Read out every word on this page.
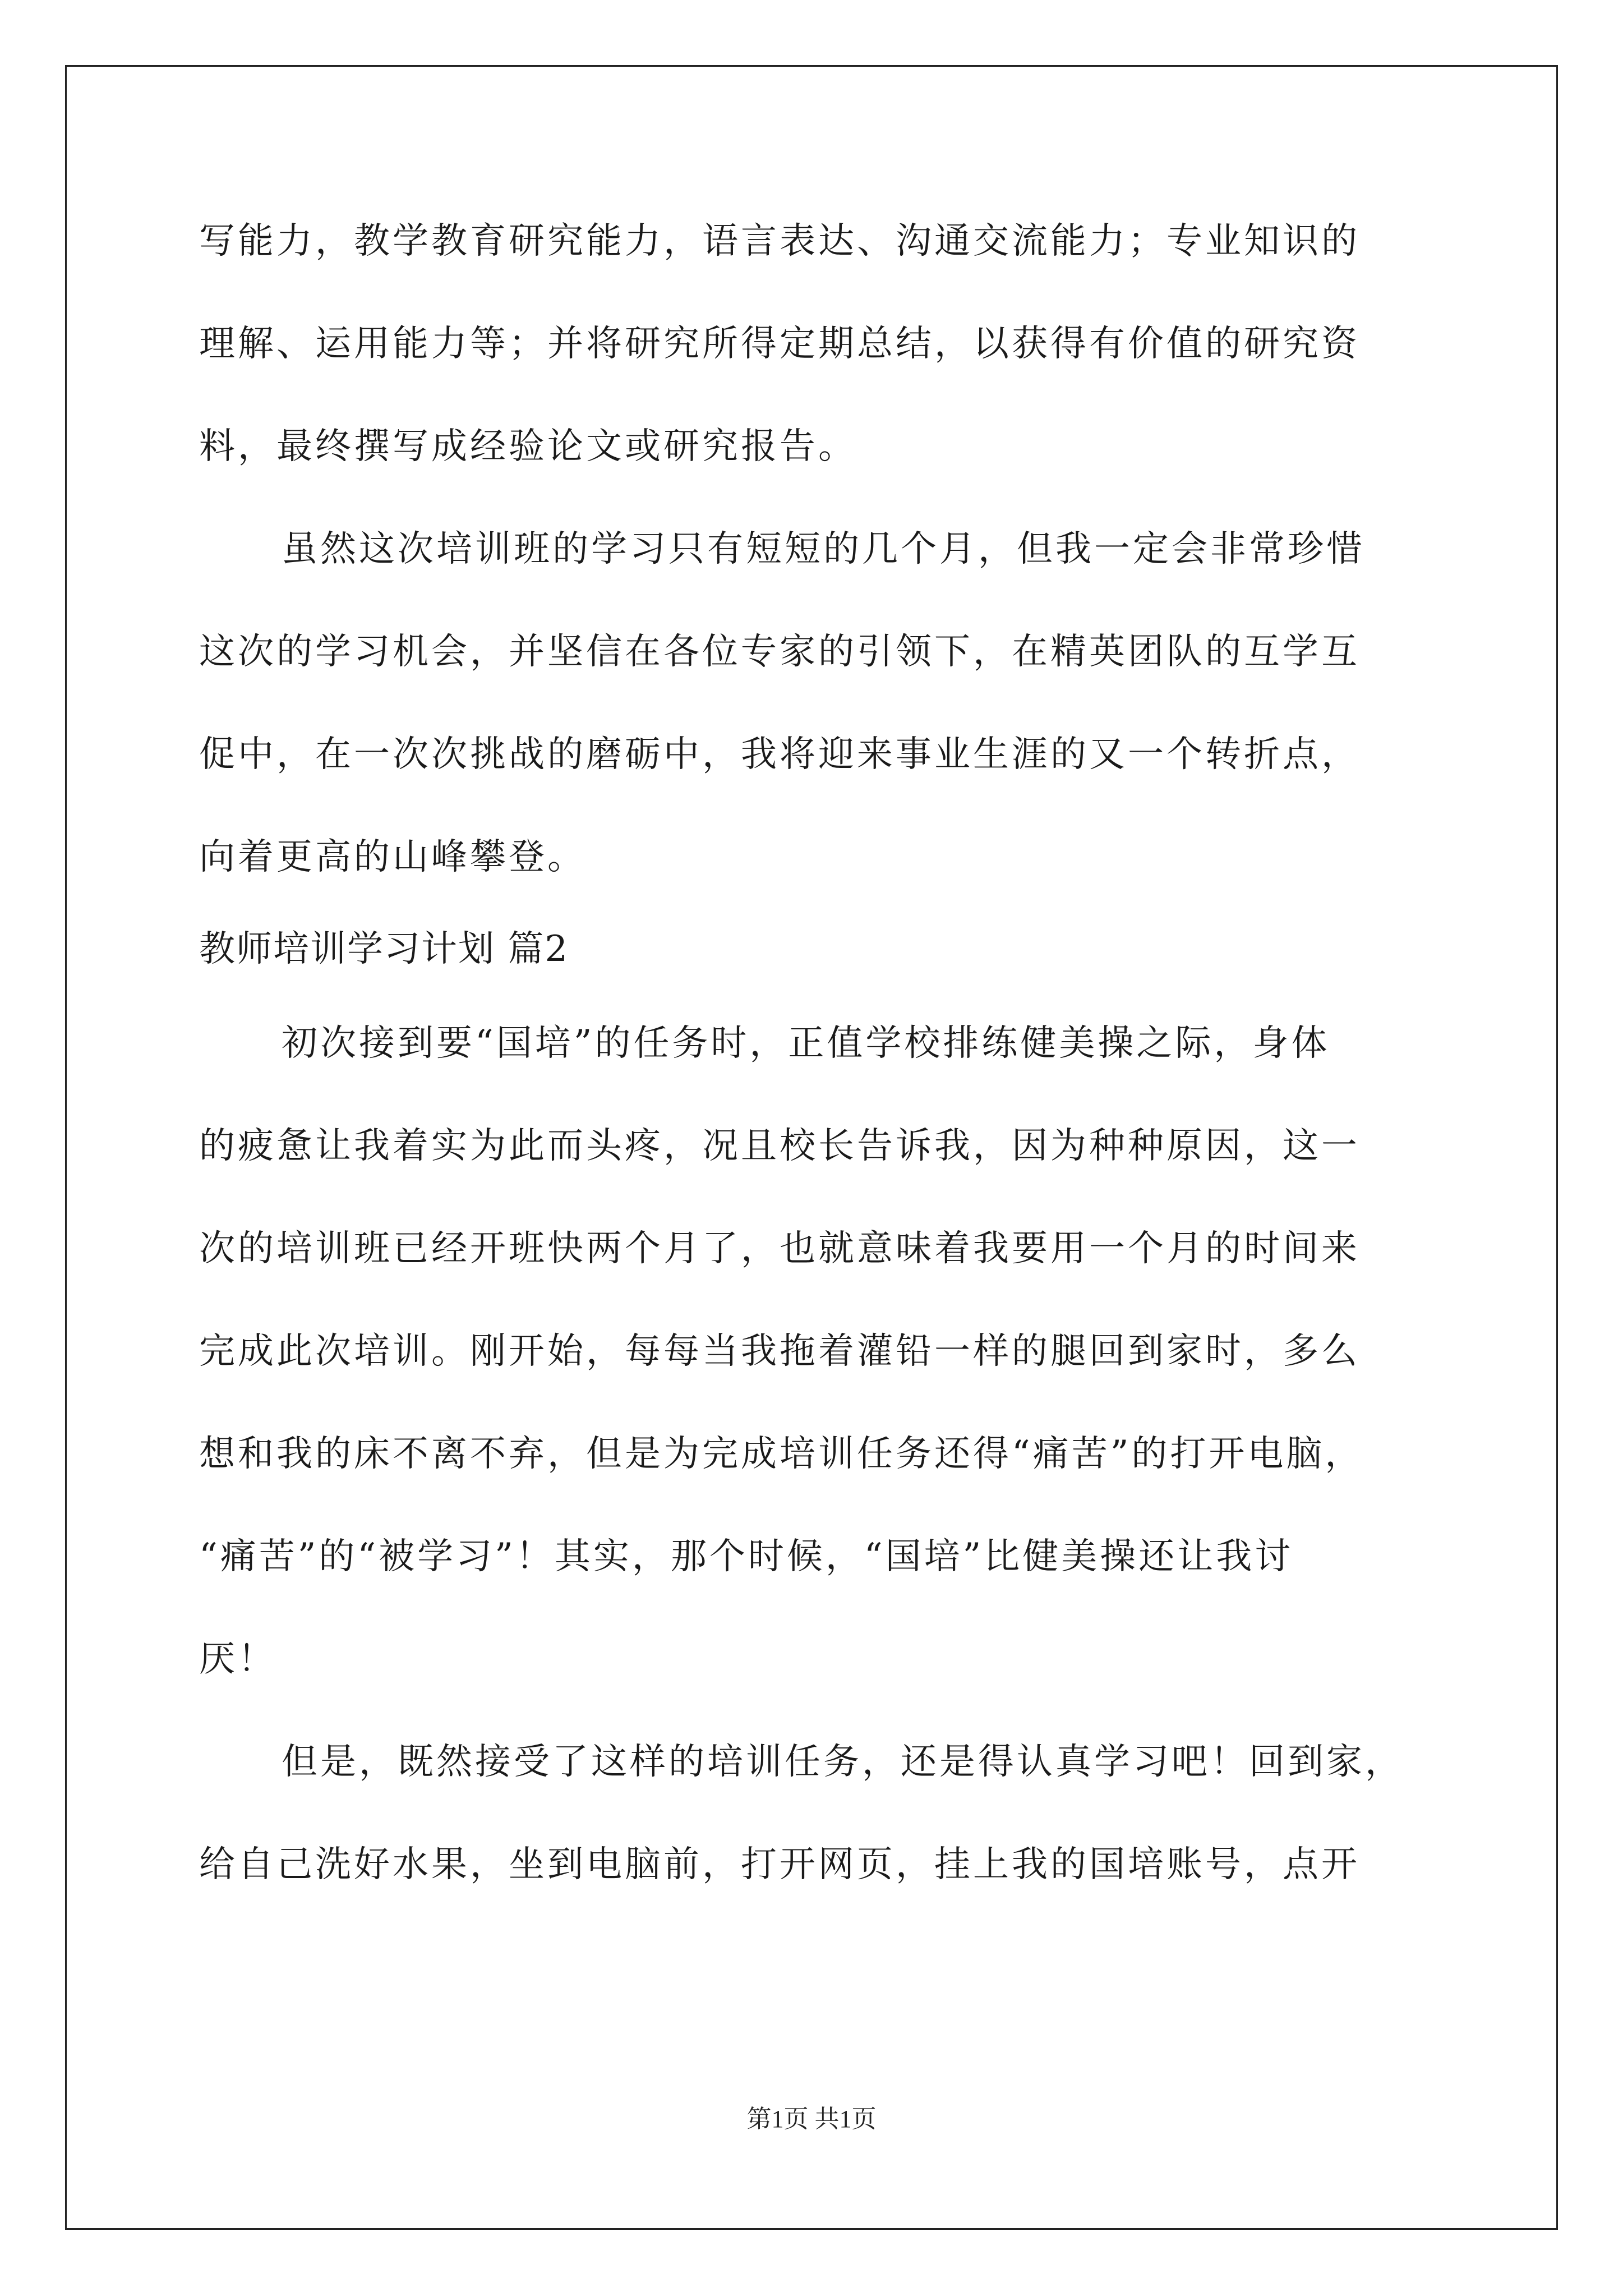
写能力，教学教育研究能力，语言表达、沟通交流能力；专业知识的
理解、运用能力等；并将研究所得定期总结，以获得有价值的研究资
料，最终撰写成经验论文或研究报告。
虽然这次培训班的学习只有短短的几个月，但我一定会非常珍惜
这次的学习机会，并坚信在各位专家的引领下，在精英团队的互学互
促中，在一次次挑战的磨砺中，我将迎来事业生涯的又一个转折点，
向着更高的山峰攀登。
教师培训学习计划 篇2
初次接到要“国培”的任务时，正值学校排练健美操之际，身体
的疲惫让我着实为此而头疼，况且校长告诉我，因为种种原因，这一
次的培训班已经开班快两个月了，也就意味着我要用一个月的时间来
完成此次培训。刚开始，每每当我拖着灌铅一样的腿回到家时，多么
想和我的床不离不弃，但是为完成培训任务还得“痛苦”的打开电脑，
“痛苦”的“被学习”！其实，那个时候，“国培”比健美操还让我讨
厌！
但是，既然接受了这样的培训任务，还是得认真学习吧！回到家，
给自己洗好水果，坐到电脑前，打开网页，挂上我的国培账号，点开
第1页 共1页
